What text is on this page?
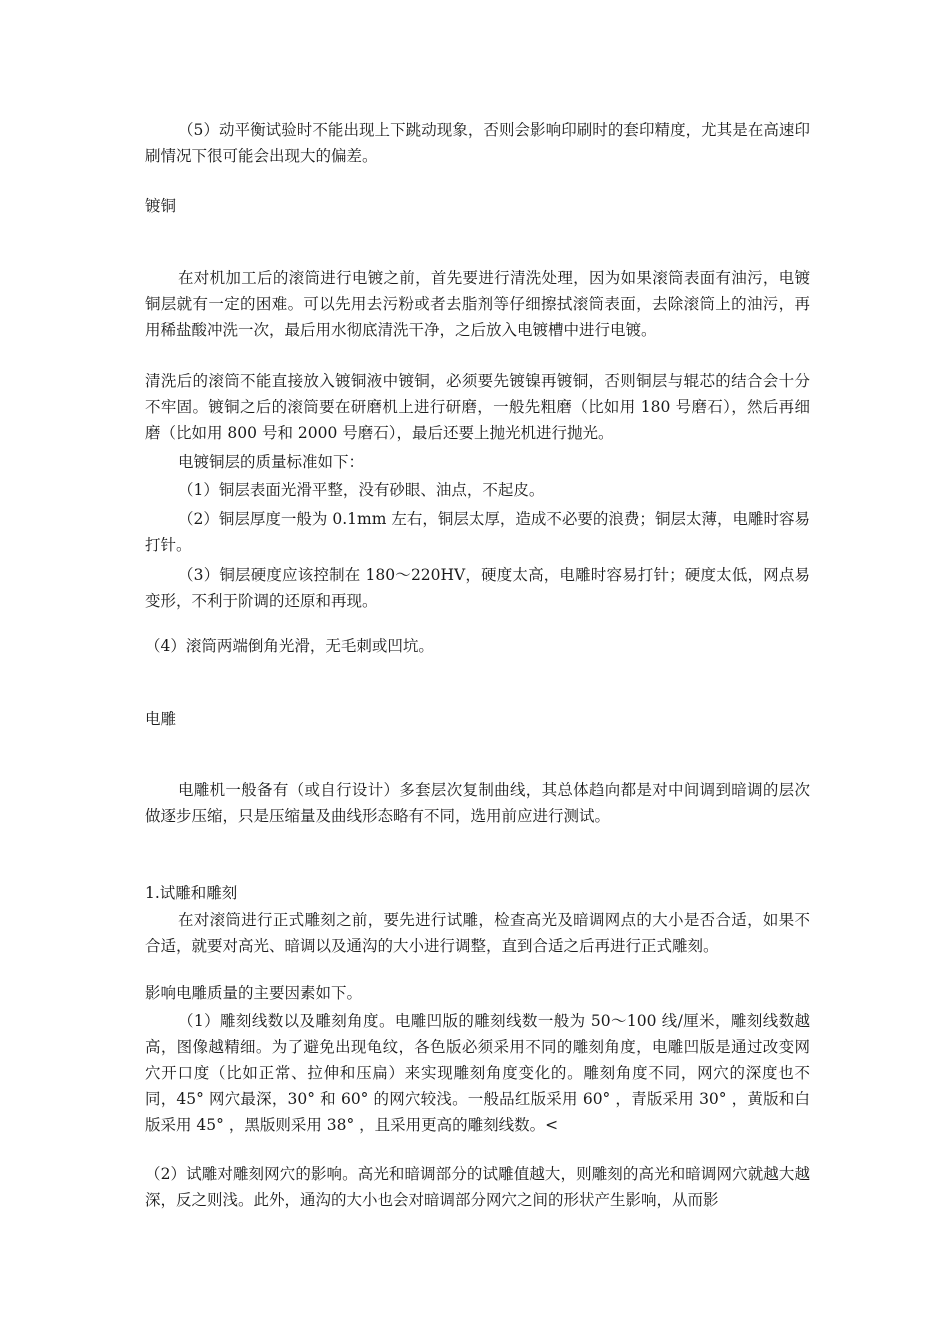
（5）动平衡试验时不能出现上下跳动现象，否则会影响印刷时的套印精度，尤其是在高速印刷情况下很可能会出现大的偏差。

镀铜

在对机加工后的滚筒进行电镀之前，首先要进行清洗处理，因为如果滚筒表面有油污，电镀铜层就有一定的困难。可以先用去污粉或者去脂剂等仔细擦拭滚筒表面，去除滚筒上的油污，再用稀盐酸冲洗一次，最后用水彻底清洗干净，之后放入电镀槽中进行电镀。

清洗后的滚筒不能直接放入镀铜液中镀铜，必须要先镀镍再镀铜，否则铜层与辊芯的结合会十分不牢固。镀铜之后的滚筒要在研磨机上进行研磨，一般先粗磨（比如用 180 号磨石），然后再细磨（比如用 800 号和 2000 号磨石），最后还要上抛光机进行抛光。

电镀铜层的质量标准如下：

（1）铜层表面光滑平整，没有砂眼、油点，不起皮。

（2）铜层厚度一般为 0.1mm 左右，铜层太厚，造成不必要的浪费；铜层太薄，电雕时容易打针。

（3）铜层硬度应该控制在 180～220HV，硬度太高，电雕时容易打针；硬度太低，网点易变形，不利于阶调的还原和再现。

（4）滚筒两端倒角光滑，无毛刺或凹坑。

电雕

电雕机一般备有（或自行设计）多套层次复制曲线，其总体趋向都是对中间调到暗调的层次做逐步压缩，只是压缩量及曲线形态略有不同，选用前应进行测试。

1.试雕和雕刻

在对滚筒进行正式雕刻之前，要先进行试雕，检查高光及暗调网点的大小是否合适，如果不合适，就要对高光、暗调以及通沟的大小进行调整，直到合适之后再进行正式雕刻。

影响电雕质量的主要因素如下。

（1）雕刻线数以及雕刻角度。电雕凹版的雕刻线数一般为 50～100 线/厘米，雕刻线数越高，图像越精细。为了避免出现龟纹，各色版必须采用不同的雕刻角度，电雕凹版是通过改变网穴开口度（比如正常、拉伸和压扁）来实现雕刻角度变化的。雕刻角度不同，网穴的深度也不同，45° 网穴最深，30° 和 60° 的网穴较浅。一般品红版采用 60° ，青版采用 30° ，黄版和白版采用 45° ，黑版则采用 38° ，且采用更高的雕刻线数。<

（2）试雕对雕刻网穴的影响。高光和暗调部分的试雕值越大，则雕刻的高光和暗调网穴就越大越深，反之则浅。此外，通沟的大小也会对暗调部分网穴之间的形状产生影响，从而影
